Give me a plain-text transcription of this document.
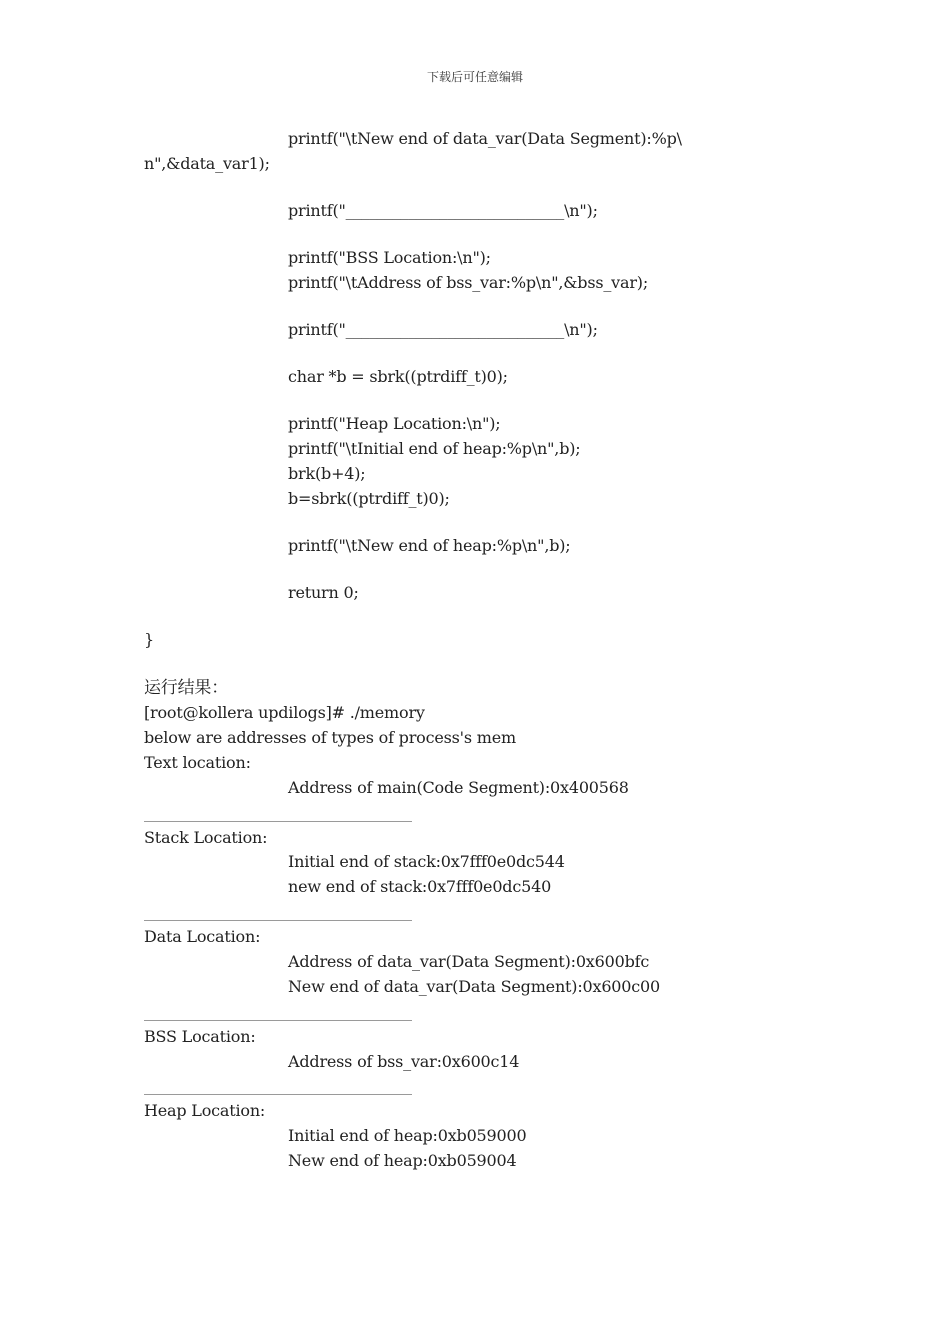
下载后可任意编辑
printf("\tNew end of data_var(Data Segment):%p\
n",&data_var1);
printf("____________________________\n");
printf("BSS Location:\n");
printf("\tAddress of bss_var:%p\n",&bss_var);
printf("____________________________\n");
char *b = sbrk((ptrdiff_t)0);
printf("Heap Location:\n");
printf("\tInitial end of heap:%p\n",b);
brk(b+4);
b=sbrk((ptrdiff_t)0);
printf("\tNew end of heap:%p\n",b);
return 0;
}
运行结果：
[root@kollera updilogs]# ./memory
below are addresses of types of process's mem
Text location:
Address of main(Code Segment):0x400568
Stack Location:
Initial end of stack:0x7fff0e0dc544
new end of stack:0x7fff0e0dc540
Data Location:
Address of data_var(Data Segment):0x600bfc
New end of data_var(Data Segment):0x600c00
BSS Location:
Address of bss_var:0x600c14
Heap Location:
Initial end of heap:0xb059000
New end of heap:0xb059004
